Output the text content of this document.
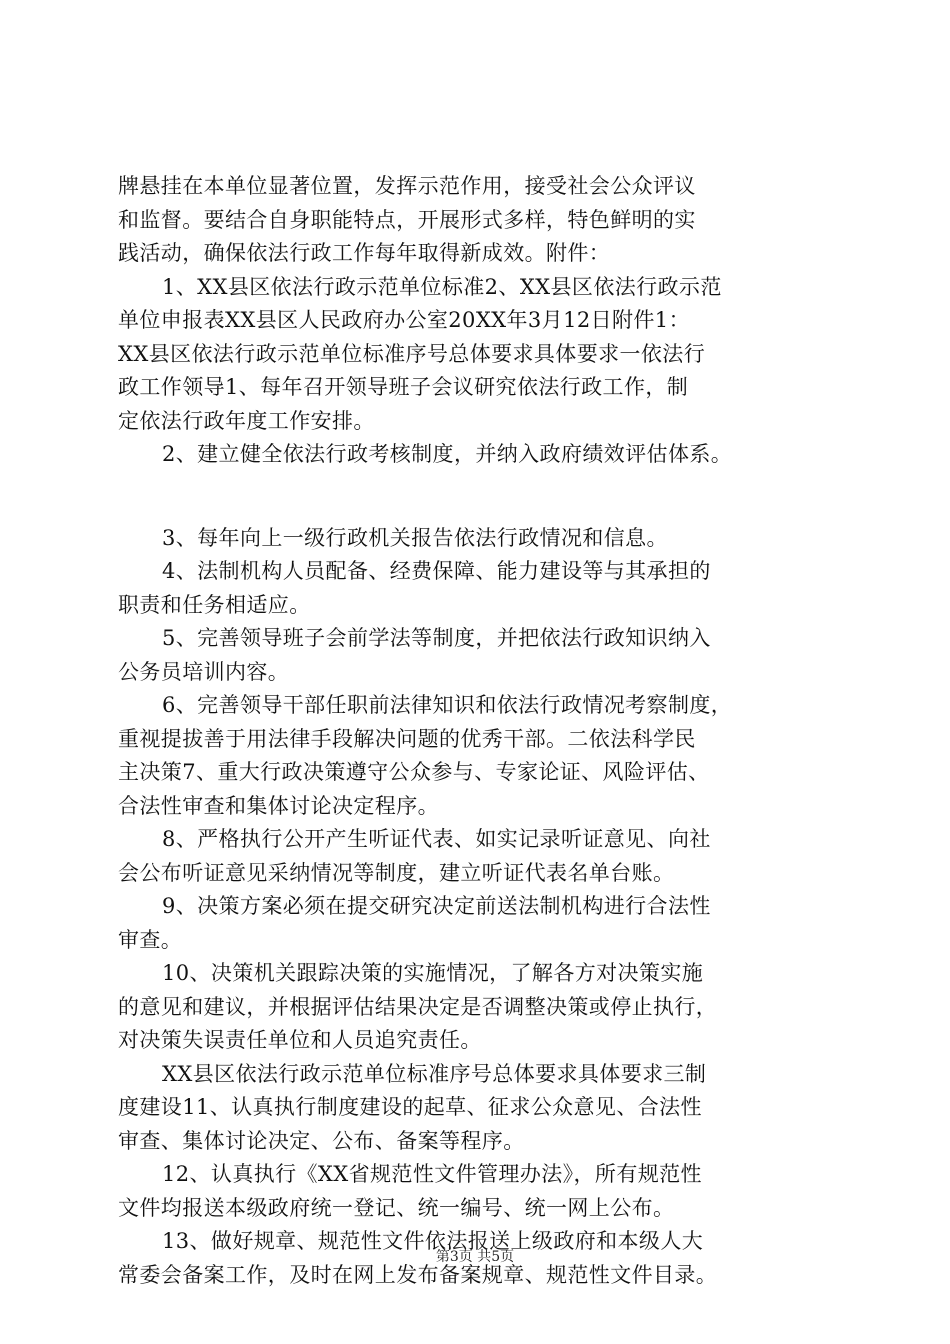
牌悬挂在本单位显著位置，发挥示范作用，接受社会公众评议
和监督。要结合自身职能特点，开展形式多样，特色鲜明的实
践活动，确保依法行政工作每年取得新成效。附件：
1、XX县区依法行政示范单位标准2、XX县区依法行政示范
单位申报表XX县区人民政府办公室20XX年3月12日附件1：
XX县区依法行政示范单位标准序号总体要求具体要求一依法行
政工作领导1、每年召开领导班子会议研究依法行政工作，制
定依法行政年度工作安排。
2、建立健全依法行政考核制度，并纳入政府绩效评估体系。
3、每年向上一级行政机关报告依法行政情况和信息。
4、法制机构人员配备、经费保障、能力建设等与其承担的
职责和任务相适应。
5、完善领导班子会前学法等制度，并把依法行政知识纳入
公务员培训内容。
6、完善领导干部任职前法律知识和依法行政情况考察制度，
重视提拔善于用法律手段解决问题的优秀干部。二依法科学民
主决策7、重大行政决策遵守公众参与、专家论证、风险评估、
合法性审查和集体讨论决定程序。
8、严格执行公开产生听证代表、如实记录听证意见、向社
会公布听证意见采纳情况等制度，建立听证代表名单台账。
9、决策方案必须在提交研究决定前送法制机构进行合法性
审查。
10、决策机关跟踪决策的实施情况，了解各方对决策实施
的意见和建议，并根据评估结果决定是否调整决策或停止执行，
对决策失误责任单位和人员追究责任。
XX县区依法行政示范单位标准序号总体要求具体要求三制
度建设11、认真执行制度建设的起草、征求公众意见、合法性
审查、集体讨论决定、公布、备案等程序。
12、认真执行《XX省规范性文件管理办法》，所有规范性
文件均报送本级政府统一登记、统一编号、统一网上公布。
13、做好规章、规范性文件依法报送上级政府和本级人大
常委会备案工作，及时在网上发布备案规章、规范性文件目录。
第3页 共5页
